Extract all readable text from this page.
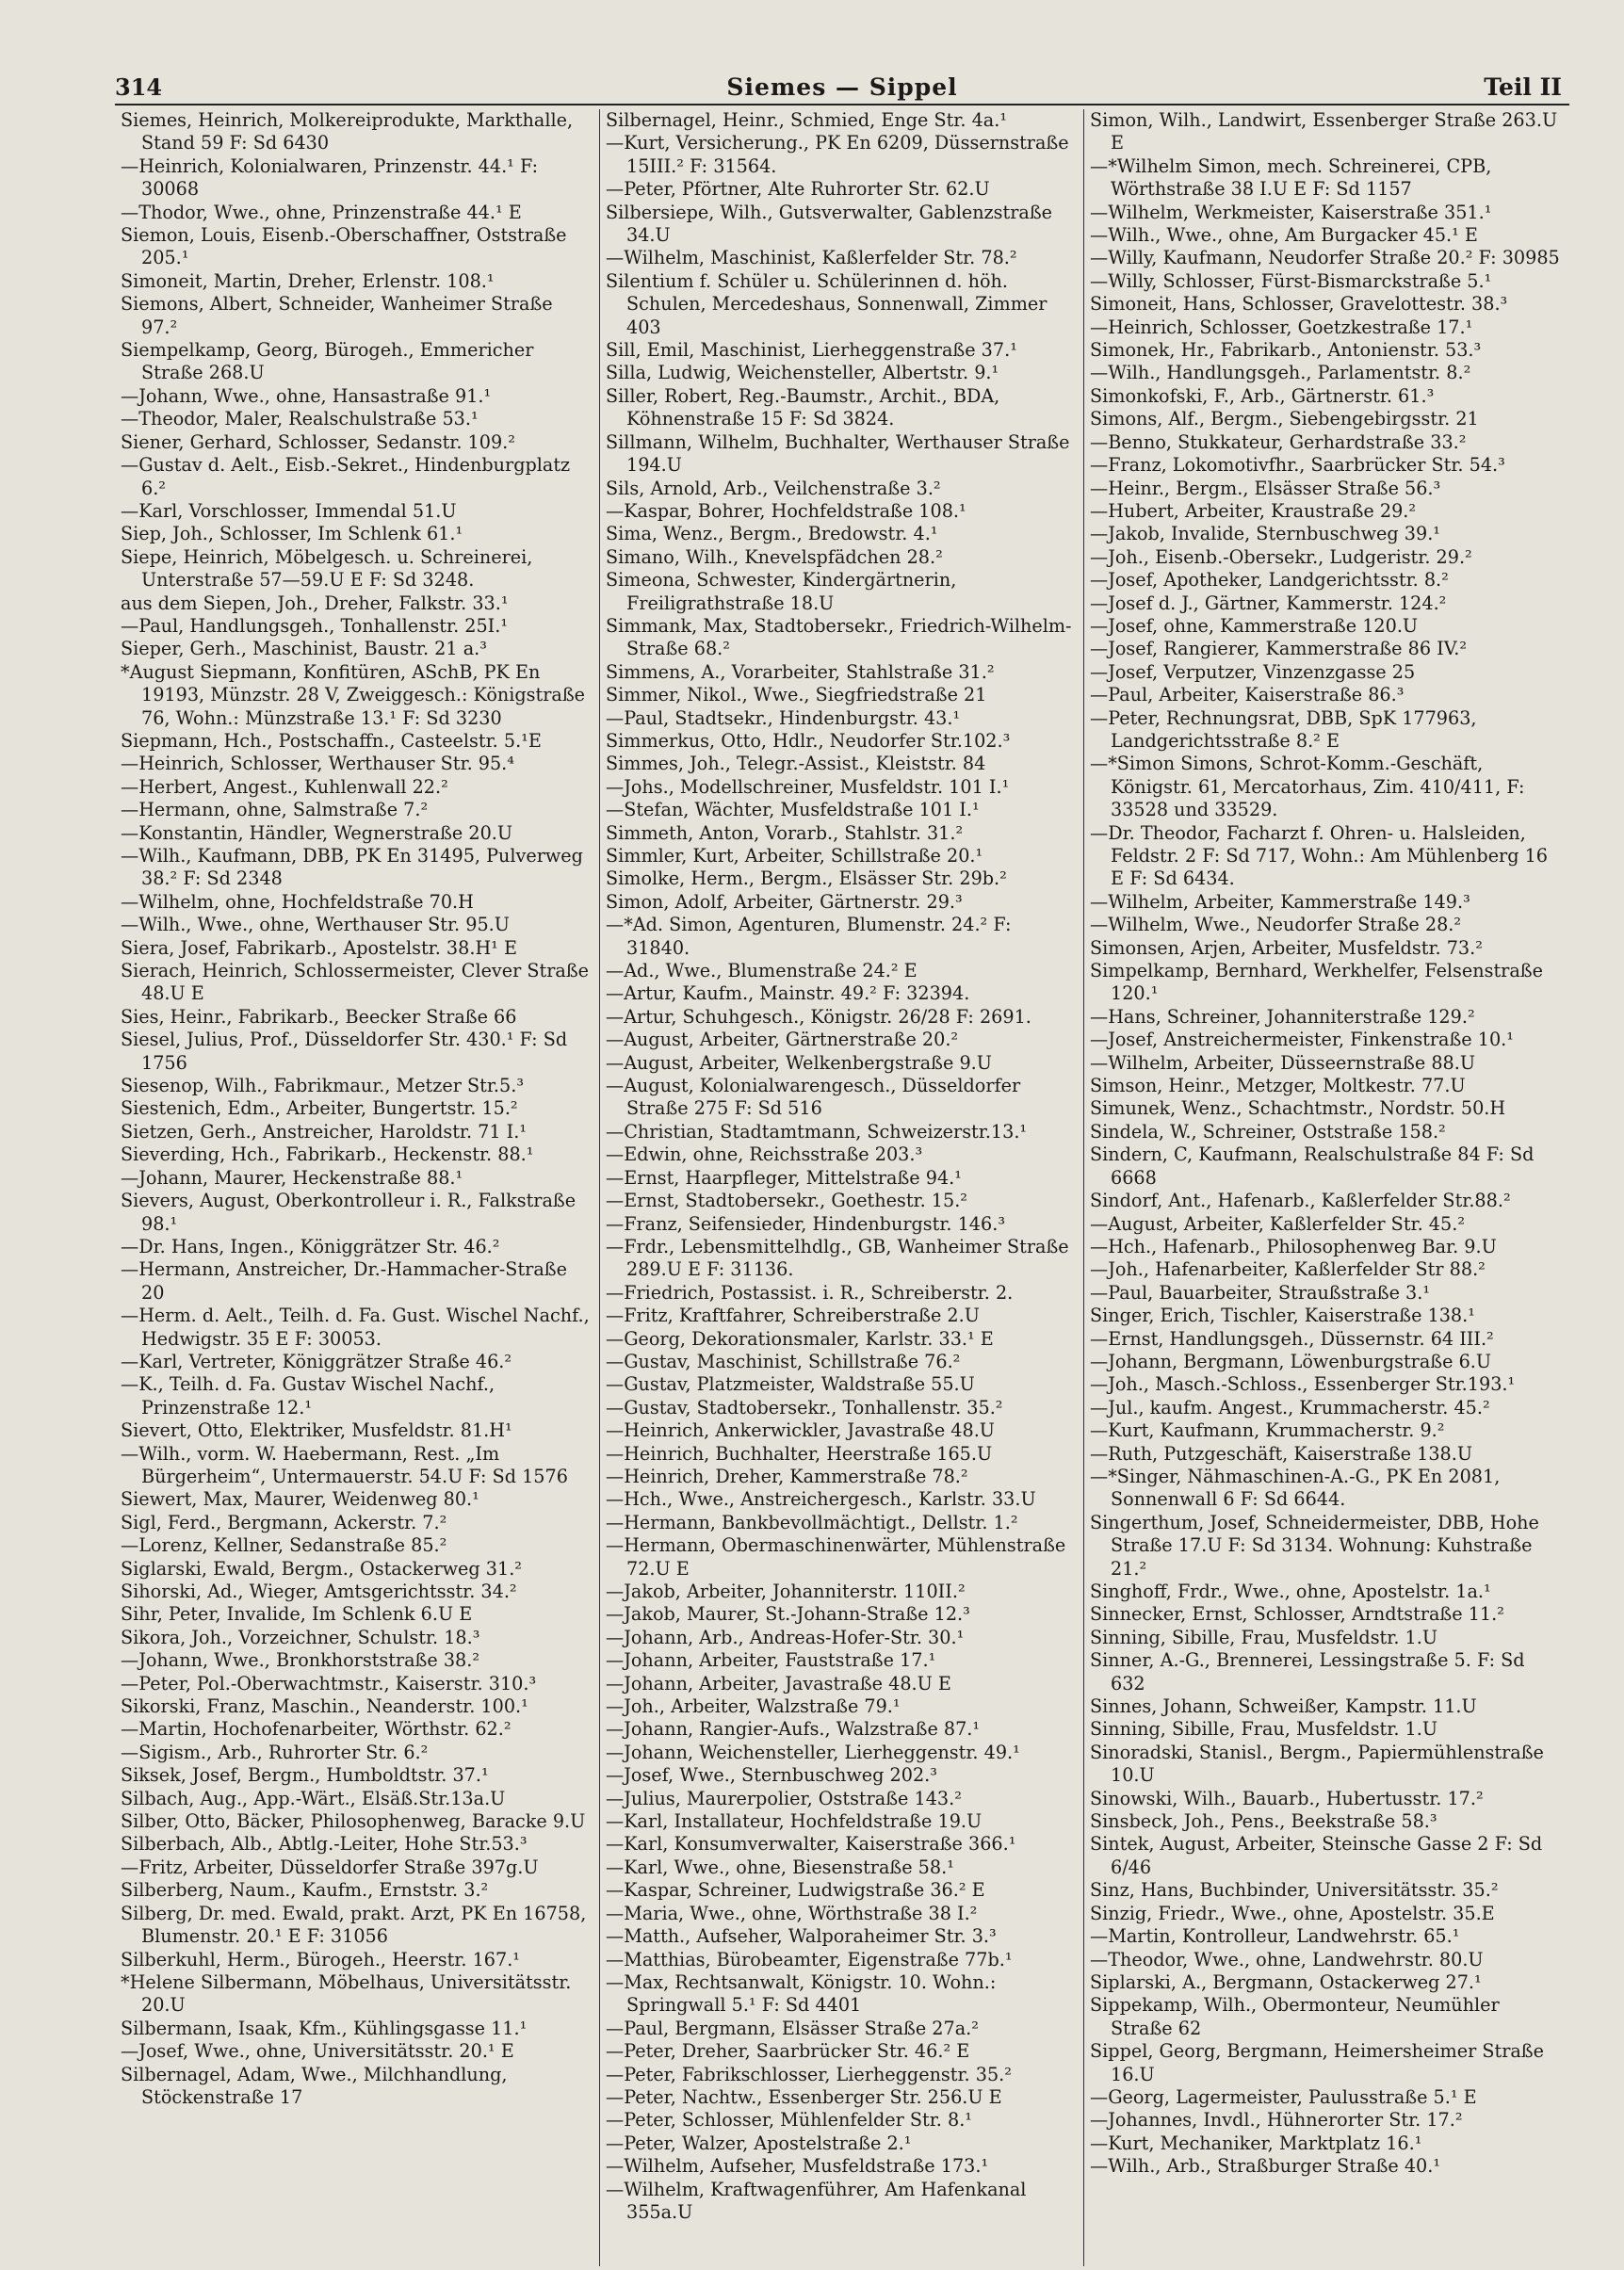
314	Siemes — Sippel	Teil II
Siemes, Heinrich, Molkereiprodukte, Markthalle, Stand 59 F: Sd 6430
—Heinrich, Kolonialwaren, Prinzenstr. 44.¹ F: 30068
—Thodor, Wwe., ohne, Prinzenstraße 44.¹ E
Siemon, Louis, Eisenb.-Oberschaffner, Oststraße 205.¹
Simoneit, Martin, Dreher, Erlenstr. 108.¹
Siemons, Albert, Schneider, Wanheimer Straße 97.²
Siempelkamp, Georg, Bürogeh., Emmericher Straße 268.U
—Johann, Wwe., ohne, Hansastraße 91.¹
—Theodor, Maler, Realschulstraße 53.¹
Siener, Gerhard, Schlosser, Sedanstr. 109.²
—Gustav d. Aelt., Eisb.-Sekret., Hindenburgplatz 6.²
—Karl, Vorschlosser, Immendal 51.U
Siep, Joh., Schlosser, Im Schlenk 61.¹
Siepe, Heinrich, Möbelgesch. u. Schreinerei, Unterstraße 57—59.U E F: Sd 3248.
aus dem Siepen, Joh., Dreher, Falkstr. 33.¹
—Paul, Handlungsgeh., Tonhallenstr. 25I.¹
Sieper, Gerh., Maschinist, Baustr. 21 a.³
*August Siepmann, Konfitüren, ASchB, PK En 19193, Münzstr. 28 V, Zweiggesch.: Königstraße 76, Wohn.: Münzstraße 13.¹ F: Sd 3230
Siepmann, Hch., Postschaffn., Casteelstr. 5.¹E
—Heinrich, Schlosser, Werthauser Str. 95.⁴
—Herbert, Angest., Kuhlenwall 22.²
—Hermann, ohne, Salmstraße 7.²
—Konstantin, Händler, Wegnerstraße 20.U
—Wilh., Kaufmann, DBB, PK En 31495, Pulverweg 38.² F: Sd 2348
—Wilhelm, ohne, Hochfeldstraße 70.H
—Wilh., Wwe., ohne, Werthauser Str. 95.U
Siera, Josef, Fabrikarb., Apostelstr. 38.H¹ E
Sierach, Heinrich, Schlossermeister, Clever Straße 48.U E
Sies, Heinr., Fabrikarb., Beecker Straße 66
Siesel, Julius, Prof., Düsseldorfer Str. 430.¹ F: Sd 1756
Siesenop, Wilh., Fabrikmaur., Metzer Str.5.³
Siestenich, Edm., Arbeiter, Bungertstr. 15.²
Sietzen, Gerh., Anstreicher, Haroldstr. 71 I.¹
Sieverding, Hch., Fabrikarb., Heckenstr. 88.¹
—Johann, Maurer, Heckenstraße 88.¹
Sievers, August, Oberkontrolleur i. R., Falkstraße 98.¹
—Dr. Hans, Ingen., Königgrätzer Str. 46.²
—Hermann, Anstreicher, Dr.-Hammacher-Straße 20
—Herm. d. Aelt., Teilh. d. Fa. Gust. Wischel Nachf., Hedwigstr. 35 E F: 30053.
—Karl, Vertreter, Königgrätzer Straße 46.²
—K., Teilh. d. Fa. Gustav Wischel Nachf., Prinzenstraße 12.¹
Sievert, Otto, Elektriker, Musfeldstr. 81.H¹
—Wilh., vorm. W. Haebermann, Rest. „Im Bürgerheim“, Untermauerstr. 54.U F: Sd 1576
Siewert, Max, Maurer, Weidenweg 80.¹
Sigl, Ferd., Bergmann, Ackerstr. 7.²
—Lorenz, Kellner, Sedanstraße 85.²
Siglarski, Ewald, Bergm., Ostackerweg 31.²
Sihorski, Ad., Wieger, Amtsgerichtsstr. 34.²
Sihr, Peter, Invalide, Im Schlenk 6.U E
Sikora, Joh., Vorzeichner, Schulstr. 18.³
—Johann, Wwe., Bronkhorststraße 38.²
—Peter, Pol.-Oberwachtmstr., Kaiserstr. 310.³
Sikorski, Franz, Maschin., Neanderstr. 100.¹
—Martin, Hochofenarbeiter, Wörthstr. 62.²
—Sigism., Arb., Ruhrorter Str. 6.²
Siksek, Josef, Bergm., Humboldtstr. 37.¹
Silbach, Aug., App.-Wärt., Elsäß.Str.13a.U
Silber, Otto, Bäcker, Philosophenweg, Baracke 9.U
Silberbach, Alb., Abtlg.-Leiter, Hohe Str.53.³
—Fritz, Arbeiter, Düsseldorfer Straße 397g.U
Silberberg, Naum., Kaufm., Ernststr. 3.²
Silberg, Dr. med. Ewald, prakt. Arzt, PK En 16758, Blumenstr. 20.¹ E F: 31056
Silberkuhl, Herm., Bürogeh., Heerstr. 167.¹
*Helene Silbermann, Möbelhaus, Universitätsstr. 20.U
Silbermann, Isaak, Kfm., Kühlingsgasse 11.¹
—Josef, Wwe., ohne, Universitätsstr. 20.¹ E
Silbernagel, Adam, Wwe., Milchhandlung, Stöckenstraße 17
Silbernagel, Heinr., Schmied, Enge Str. 4a.¹
—Kurt, Versicherung., PK En 6209, Düssernstraße 15III.² F: 31564.
—Peter, Pförtner, Alte Ruhrorter Str. 62.U
Silbersiepe, Wilh., Gutsverwalter, Gablenzstraße 34.U
—Wilhelm, Maschinist, Kaßlerfelder Str. 78.²
Silentium f. Schüler u. Schülerinnen d. höh. Schulen, Mercedeshaus, Sonnenwall, Zimmer 403
Sill, Emil, Maschinist, Lierheggenstraße 37.¹
Silla, Ludwig, Weichensteller, Albertstr. 9.¹
Siller, Robert, Reg.-Baumstr., Archit., BDA, Köhnenstraße 15 F: Sd 3824.
Sillmann, Wilhelm, Buchhalter, Werthauser Straße 194.U
Sils, Arnold, Arb., Veilchenstraße 3.²
—Kaspar, Bohrer, Hochfeldstraße 108.¹
Sima, Wenz., Bergm., Bredowstr. 4.¹
Simano, Wilh., Knevelspfädchen 28.²
Simeona, Schwester, Kindergärtnerin, Freiligrathstraße 18.U
Simmank, Max, Stadtobersekr., Friedrich-Wilhelm-Straße 68.²
Simmens, A., Vorarbeiter, Stahlstraße 31.²
Simmer, Nikol., Wwe., Siegfriedstraße 21
—Paul, Stadtsekr., Hindenburgstr. 43.¹
Simmerkus, Otto, Hdlr., Neudorfer Str.102.³
Simmes, Joh., Telegr.-Assist., Kleiststr. 84
—Johs., Modellschreiner, Musfeldstr. 101 I.¹
—Stefan, Wächter, Musfeldstraße 101 I.¹
Simmeth, Anton, Vorarb., Stahlstr. 31.²
Simmler, Kurt, Arbeiter, Schillstraße 20.¹
Simolke, Herm., Bergm., Elsässer Str. 29b.²
Simon, Adolf, Arbeiter, Gärtnerstr. 29.³
—*Ad. Simon, Agenturen, Blumenstr. 24.² F: 31840.
—Ad., Wwe., Blumenstraße 24.² E
—Artur, Kaufm., Mainstr. 49.² F: 32394.
—Artur, Schuhgesch., Königstr. 26/28 F: 2691.
—August, Arbeiter, Gärtnerstraße 20.²
—August, Arbeiter, Welkenbergstraße 9.U
—August, Kolonialwarengesch., Düsseldorfer Straße 275 F: Sd 516
—Christian, Stadtamtmann, Schweizerstr.13.¹
—Edwin, ohne, Reichsstraße 203.³
—Ernst, Haarpfleger, Mittelstraße 94.¹
—Ernst, Stadtobersekr., Goethestr. 15.²
—Franz, Seifensieder, Hindenburgstr. 146.³
—Frdr., Lebensmittelhdlg., GB, Wanheimer Straße 289.U E F: 31136.
—Friedrich, Postassist. i. R., Schreiberstr. 2.
—Fritz, Kraftfahrer, Schreiberstraße 2.U
—Georg, Dekorationsmaler, Karlstr. 33.¹ E
—Gustav, Maschinist, Schillstraße 76.²
—Gustav, Platzmeister, Waldstraße 55.U
—Gustav, Stadtobersekr., Tonhallenstr. 35.²
—Heinrich, Ankerwickler, Javastraße 48.U
—Heinrich, Buchhalter, Heerstraße 165.U
—Heinrich, Dreher, Kammerstraße 78.²
—Hch., Wwe., Anstreichergesch., Karlstr. 33.U
—Hermann, Bankbevollmächtigt., Dellstr. 1.²
—Hermann, Obermaschinenwärter, Mühlenstraße 72.U E
—Jakob, Arbeiter, Johanniterstr. 110II.²
—Jakob, Maurer, St.-Johann-Straße 12.³
—Johann, Arb., Andreas-Hofer-Str. 30.¹
—Johann, Arbeiter, Fauststraße 17.¹
—Johann, Arbeiter, Javastraße 48.U E
—Joh., Arbeiter, Walzstraße 79.¹
—Johann, Rangier-Aufs., Walzstraße 87.¹
—Johann, Weichensteller, Lierheggenstr. 49.¹
—Josef, Wwe., Sternbuschweg 202.³
—Julius, Maurerpolier, Oststraße 143.²
—Karl, Installateur, Hochfeldstraße 19.U
—Karl, Konsumverwalter, Kaiserstraße 366.¹
—Karl, Wwe., ohne, Biesenstraße 58.¹
—Kaspar, Schreiner, Ludwigstraße 36.² E
—Maria, Wwe., ohne, Wörthstraße 38 I.²
—Matth., Aufseher, Walporaheimer Str. 3.³
—Matthias, Bürobeamter, Eigenstraße 77b.¹
—Max, Rechtsanwalt, Königstr. 10. Wohn.: Springwall 5.¹ F: Sd 4401
—Paul, Bergmann, Elsässer Straße 27a.²
—Peter, Dreher, Saarbrücker Str. 46.² E
—Peter, Fabrikschlosser, Lierheggenstr. 35.²
—Peter, Nachtw., Essenberger Str. 256.U E
—Peter, Schlosser, Mühlenfelder Str. 8.¹
—Peter, Walzer, Apostelstraße 2.¹
—Wilhelm, Aufseher, Musfeldstraße 173.¹
—Wilhelm, Kraftwagenführer, Am Hafenkanal 355a.U
Simon, Wilh., Landwirt, Essenberger Straße 263.U E
—*Wilhelm Simon, mech. Schreinerei, CPB, Wörthstraße 38 I.U E F: Sd 1157
—Wilhelm, Werkmeister, Kaiserstraße 351.¹
—Wilh., Wwe., ohne, Am Burgacker 45.¹ E
—Willy, Kaufmann, Neudorfer Straße 20.² F: 30985
—Willy, Schlosser, Fürst-Bismarckstraße 5.¹
Simoneit, Hans, Schlosser, Gravelottestr. 38.³
—Heinrich, Schlosser, Goetzkestraße 17.¹
Simonek, Hr., Fabrikarb., Antonienstr. 53.³
—Wilh., Handlungsgeh., Parlamentstr. 8.²
Simonkofski, F., Arb., Gärtnerstr. 61.³
Simons, Alf., Bergm., Siebengebirgsstr. 21
—Benno, Stukkateur, Gerhardstraße 33.²
—Franz, Lokomotivfhr., Saarbrücker Str. 54.³
—Heinr., Bergm., Elsässer Straße 56.³
—Hubert, Arbeiter, Kraustraße 29.²
—Jakob, Invalide, Sternbuschweg 39.¹
—Joh., Eisenb.-Obersekr., Ludgeristr. 29.²
—Josef, Apotheker, Landgerichtsstr. 8.²
—Josef d. J., Gärtner, Kammerstr. 124.²
—Josef, ohne, Kammerstraße 120.U
—Josef, Rangierer, Kammerstraße 86 IV.²
—Josef, Verputzer, Vinzenzgasse 25
—Paul, Arbeiter, Kaiserstraße 86.³
—Peter, Rechnungsrat, DBB, SpK 177963, Landgerichtsstraße 8.² E
—*Simon Simons, Schrot-Komm.-Geschäft, Königstr. 61, Mercatorhaus, Zim. 410/411, F: 33528 und 33529.
—Dr. Theodor, Facharzt f. Ohren- u. Halsleiden, Feldstr. 2 F: Sd 717, Wohn.: Am Mühlenberg 16 E F: Sd 6434.
—Wilhelm, Arbeiter, Kammerstraße 149.³
—Wilhelm, Wwe., Neudorfer Straße 28.²
Simonsen, Arjen, Arbeiter, Musfeldstr. 73.²
Simpelkamp, Bernhard, Werkhelfer, Felsenstraße 120.¹
—Hans, Schreiner, Johanniterstraße 129.²
—Josef, Anstreichermeister, Finkenstraße 10.¹
—Wilhelm, Arbeiter, Düsseernstraße 88.U
Simson, Heinr., Metzger, Moltkestr. 77.U
Simunek, Wenz., Schachtmstr., Nordstr. 50.H
Sindela, W., Schreiner, Oststraße 158.²
Sindern, C, Kaufmann, Realschulstraße 84 F: Sd 6668
Sindorf, Ant., Hafenarb., Kaßlerfelder Str.88.²
—August, Arbeiter, Kaßlerfelder Str. 45.²
—Hch., Hafenarb., Philosophenweg Bar. 9.U
—Joh., Hafenarbeiter, Kaßlerfelder Str 88.²
—Paul, Bauarbeiter, Straußstraße 3.¹
Singer, Erich, Tischler, Kaiserstraße 138.¹
—Ernst, Handlungsgeh., Düssernstr. 64 III.²
—Johann, Bergmann, Löwenburgstraße 6.U
—Joh., Masch.-Schloss., Essenberger Str.193.¹
—Jul., kaufm. Angest., Krummacherstr. 45.²
—Kurt, Kaufmann, Krummacherstr. 9.²
—Ruth, Putzgeschäft, Kaiserstraße 138.U
—*Singer, Nähmaschinen-A.-G., PK En 2081, Sonnenwall 6 F: Sd 6644.
Singerthum, Josef, Schneidermeister, DBB, Hohe Straße 17.U F: Sd 3134. Wohnung: Kuhstraße 21.²
Singhoff, Frdr., Wwe., ohne, Apostelstr. 1a.¹
Sinnecker, Ernst, Schlosser, Arndtstraße 11.²
Sinning, Sibille, Frau, Musfeldstr. 1.U
Sinner, A.-G., Brennerei, Lessingstraße 5. F: Sd 632
Sinnes, Johann, Schweißer, Kampstr. 11.U
Sinning, Sibille, Frau, Musfeldstr. 1.U
Sinoradski, Stanisl., Bergm., Papiermühlenstraße 10.U
Sinowski, Wilh., Bauarb., Hubertusstr. 17.²
Sinsbeck, Joh., Pens., Beekstraße 58.³
Sintek, August, Arbeiter, Steinsche Gasse 2 F: Sd 6/46
Sinz, Hans, Buchbinder, Universitätsstr. 35.²
Sinzig, Friedr., Wwe., ohne, Apostelstr. 35.E
—Martin, Kontrolleur, Landwehrstr. 65.¹
—Theodor, Wwe., ohne, Landwehrstr. 80.U
Siplarski, A., Bergmann, Ostackerweg 27.¹
Sippekamp, Wilh., Obermonteur, Neumühler Straße 62
Sippel, Georg, Bergmann, Heimersheimer Straße 16.U
—Georg, Lagermeister, Paulusstraße 5.¹ E
—Johannes, Invdl., Hühnerorter Str. 17.²
—Kurt, Mechaniker, Marktplatz 16.¹
—Wilh., Arb., Straßburger Straße 40.¹
